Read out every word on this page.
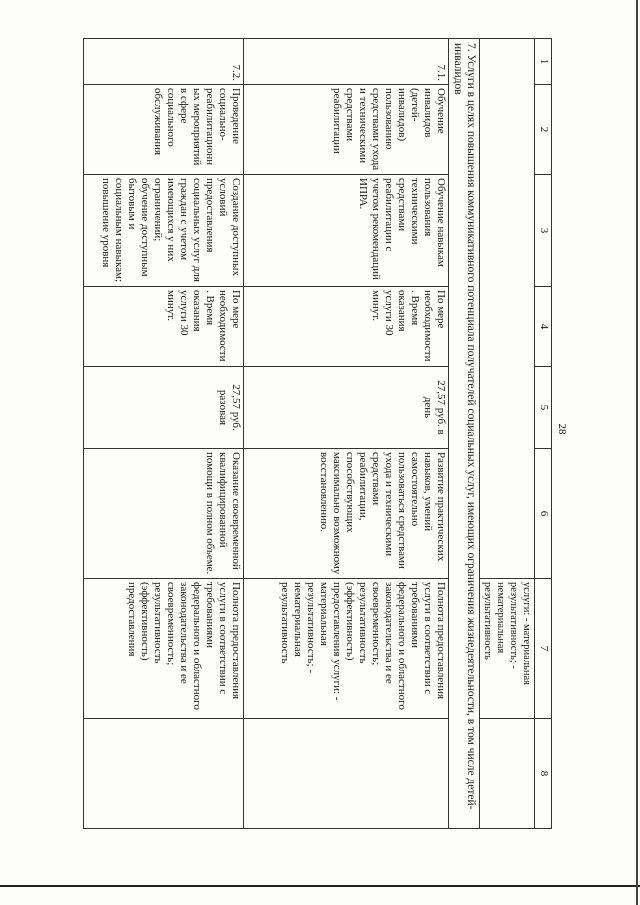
28
1	2	3	4	5	6	7	8
						услуги: - материальная результативность; - нематериальная
результативность	
7. Услуги в целях повышения коммуникативного потенциала получателей социальных услуг, имеющих ограничения жизнедеятельности, в том числе детей-инвалидов							
7.1.	Обучение инвалидов (детей-инвалидов) пользованию средствами ухода и техническими средствами реабилитации	Обучение навыкам пользования техническими средствами реабилитации с учетом рекомендаций ИПРА.	По мере необходимости. Время оказания услуги 30 минут.	27,57 руб. в день	Развитие практических навыков, умений самостоятельно пользоваться средствами ухода и техническими средствами реабилитации, способствующих максимально возможному восстановлению.	Полнота предоставления услуги в соответствии с требованиями федерального и областного законодательства и ее своевременность; результативность (эффективность) предоставления услуги: - материальная результативность; - нематериальная результативность	
7.2.	Проведение социально-реабилитационных мероприятий в сфере социального обслуживания	Создание доступных условий предоставления социальных услуг для граждан с учетом имеющихся у них ограничений; обучение доступным бытовым и социальным навыкам; повышение уровня	По мере необходимости. Время оказания услуги 30 минут.	27,57 руб. разовая	Оказание своевременной квалифицированной помощи в полном объеме.	Полнота предоставления услуги в соответствии с требованиями федерального и областного законодательства и ее своевременность; результативность (эффективность) предоставления	
